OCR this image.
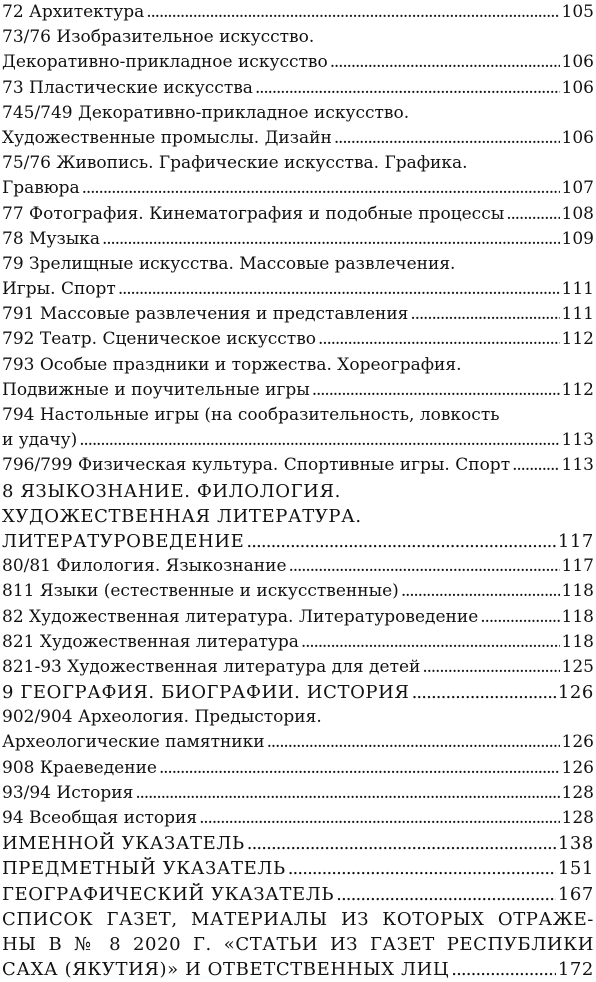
72 Архитектура . . .	105
73/76 Изобразительное искусство.
Декоративно-прикладное искусство . . .	106
73 Пластические искусства . . .	106
745/749 Декоративно-прикладное искусство.
Художественные промыслы. Дизайн . . .	106
75/76 Живопись. Графические искусства. Графика.
Гравюра . . .	107
77 Фотография. Кинематография и подобные процессы . . .	108
78 Музыка . . .	109
79 Зрелищные искусства. Массовые развлечения.
Игры. Спорт . . .	111
791 Массовые развлечения и представления . . .	111
792 Театр. Сценическое искусство . . .	112
793 Особые праздники и торжества. Хореография.
Подвижные и поучительные игры . . .	112
794 Настольные игры (на сообразительность, ловкость
и удачу) . . .	113
796/799 Физическая культура. Спортивные игры. Спорт . . .	113
8 ЯЗЫКОЗНАНИЕ. ФИЛОЛОГИЯ.
ХУДОЖЕСТВЕННАЯ ЛИТЕРАТУРА.
ЛИТЕРАТУРОВЕДЕНИЕ . . .	117
80/81 Филология. Языкознание . . .	117
811 Языки (естественные и искусственные) . . .	118
82 Художественная литература. Литературоведение . . .	118
821 Художественная литература . . .	118
821-93 Художественная литература для детей . . .	125
9 ГЕОГРАФИЯ. БИОГРАФИИ. ИСТОРИЯ . . .	126
902/904 Археология. Предыстория.
Археологические памятники . . .	126
908 Краеведение . . .	126
93/94 История . . .	128
94 Всеобщая история . . .	128
ИМЕННОЙ УКАЗАТЕЛЬ . . .	138
ПРЕДМЕТНЫЙ УКАЗАТЕЛЬ . . .	151
ГЕОГРАФИЧЕСКИЙ УКАЗАТЕЛЬ . . .	167
СПИСОК ГАЗЕТ, МАТЕРИАЛЫ ИЗ КОТОРЫХ ОТРАЖЕ-
НЫ В № 8 2020 Г. «СТАТЬИ ИЗ ГАЗЕТ РЕСПУБЛИКИ
САХА (ЯКУТИЯ)» И ОТВЕТСТВЕННЫХ ЛИЦ . . .	172
